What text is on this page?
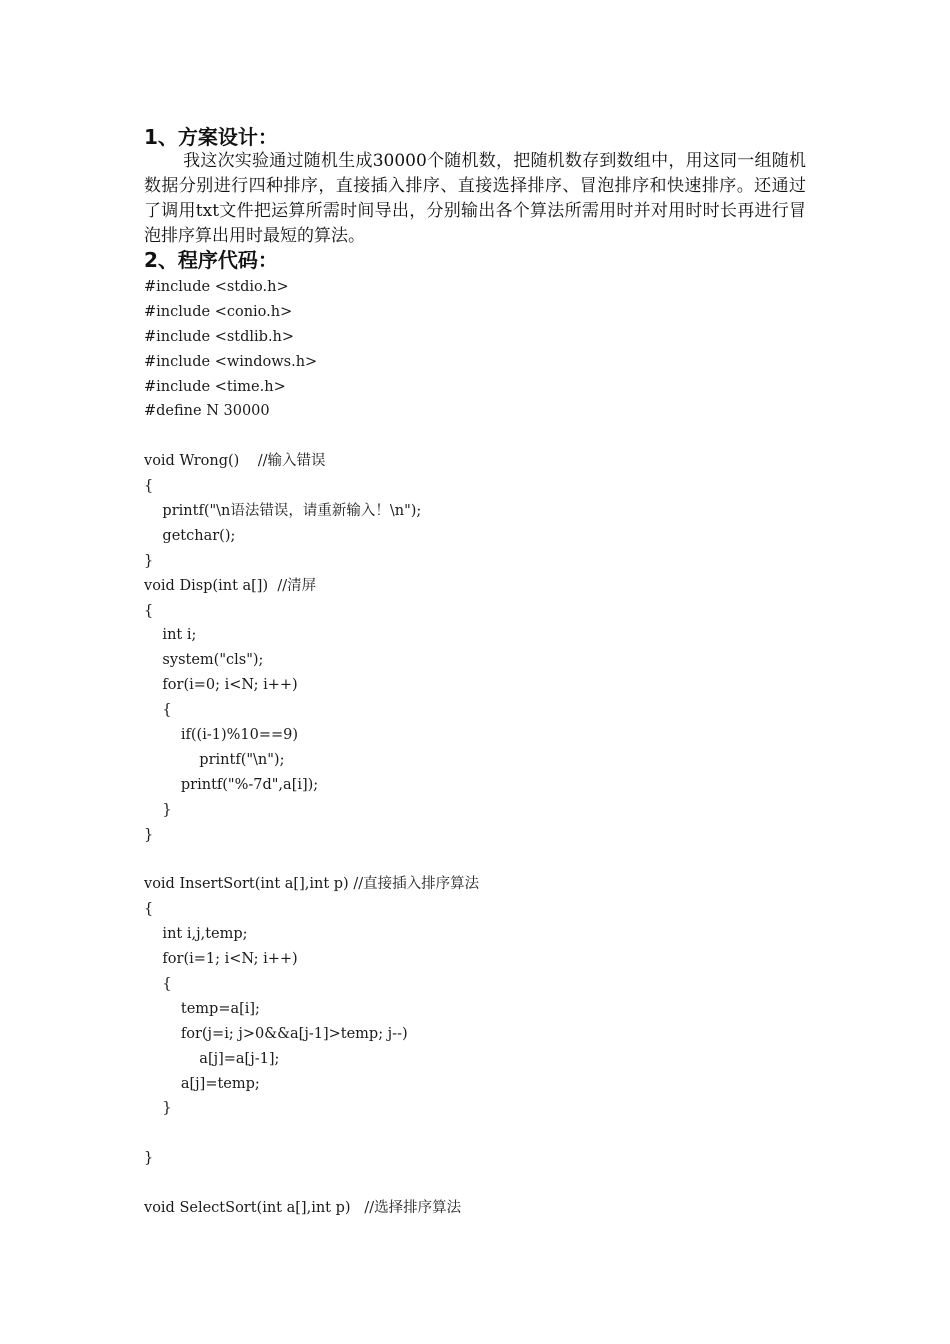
1、方案设计：

我这次实验通过随机生成30000个随机数，把随机数存到数组中，用这同一组随机数据分别进行四种排序，直接插入排序、直接选择排序、冒泡排序和快速排序。还通过了调用txt文件把运算所需时间导出，分别输出各个算法所需用时并对用时时长再进行冒泡排序算出用时最短的算法。

2、程序代码：
#include <stdio.h>
#include <conio.h>
#include <stdlib.h>
#include <windows.h>
#include <time.h>
#define N 30000
void Wrong()    //输入错误
{
printf("\n语法错误，请重新输入！\n");
getchar();
}
void Disp(int a[])  //清屏
{
int i;
system("cls");
for(i=0; i<N; i++)
{
if((i-1)%10==9)
printf("\n");
printf("%-7d",a[i]);
}
}
void InsertSort(int a[],int p) //直接插入排序算法
{
int i,j,temp;
for(i=1; i<N; i++)
{
temp=a[i];
for(j=i; j>0&&a[j-1]>temp; j--)
a[j]=a[j-1];
a[j]=temp;
}
}
void SelectSort(int a[],int p)   //选择排序算法
